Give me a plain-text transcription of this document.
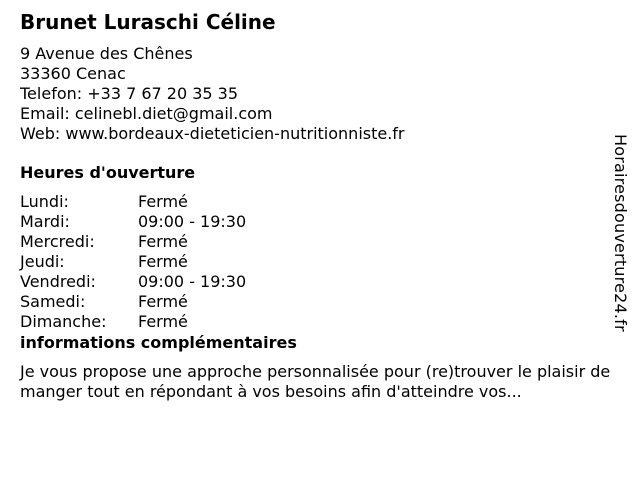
Brunet Luraschi Céline
9 Avenue des Chênes
33360 Cenac
Telefon: +33 7 67 20 35 35
Email: celinebl.diet@gmail.com
Web: www.bordeaux-dieteticien-nutritionniste.fr
Heures d'ouverture
Lundi:	Fermé
Mardi:	09:00 - 19:30
Mercredi:	Fermé
Jeudi:	Fermé
Vendredi:	09:00 - 19:30
Samedi:	Fermé
Dimanche: Fermé
informations complémentaires
Je vous propose une approche personnalisée pour (re)trouver le plaisir de manger tout en répondant à vos besoins afin d'atteindre vos...
Horairesdouverture24.fr
